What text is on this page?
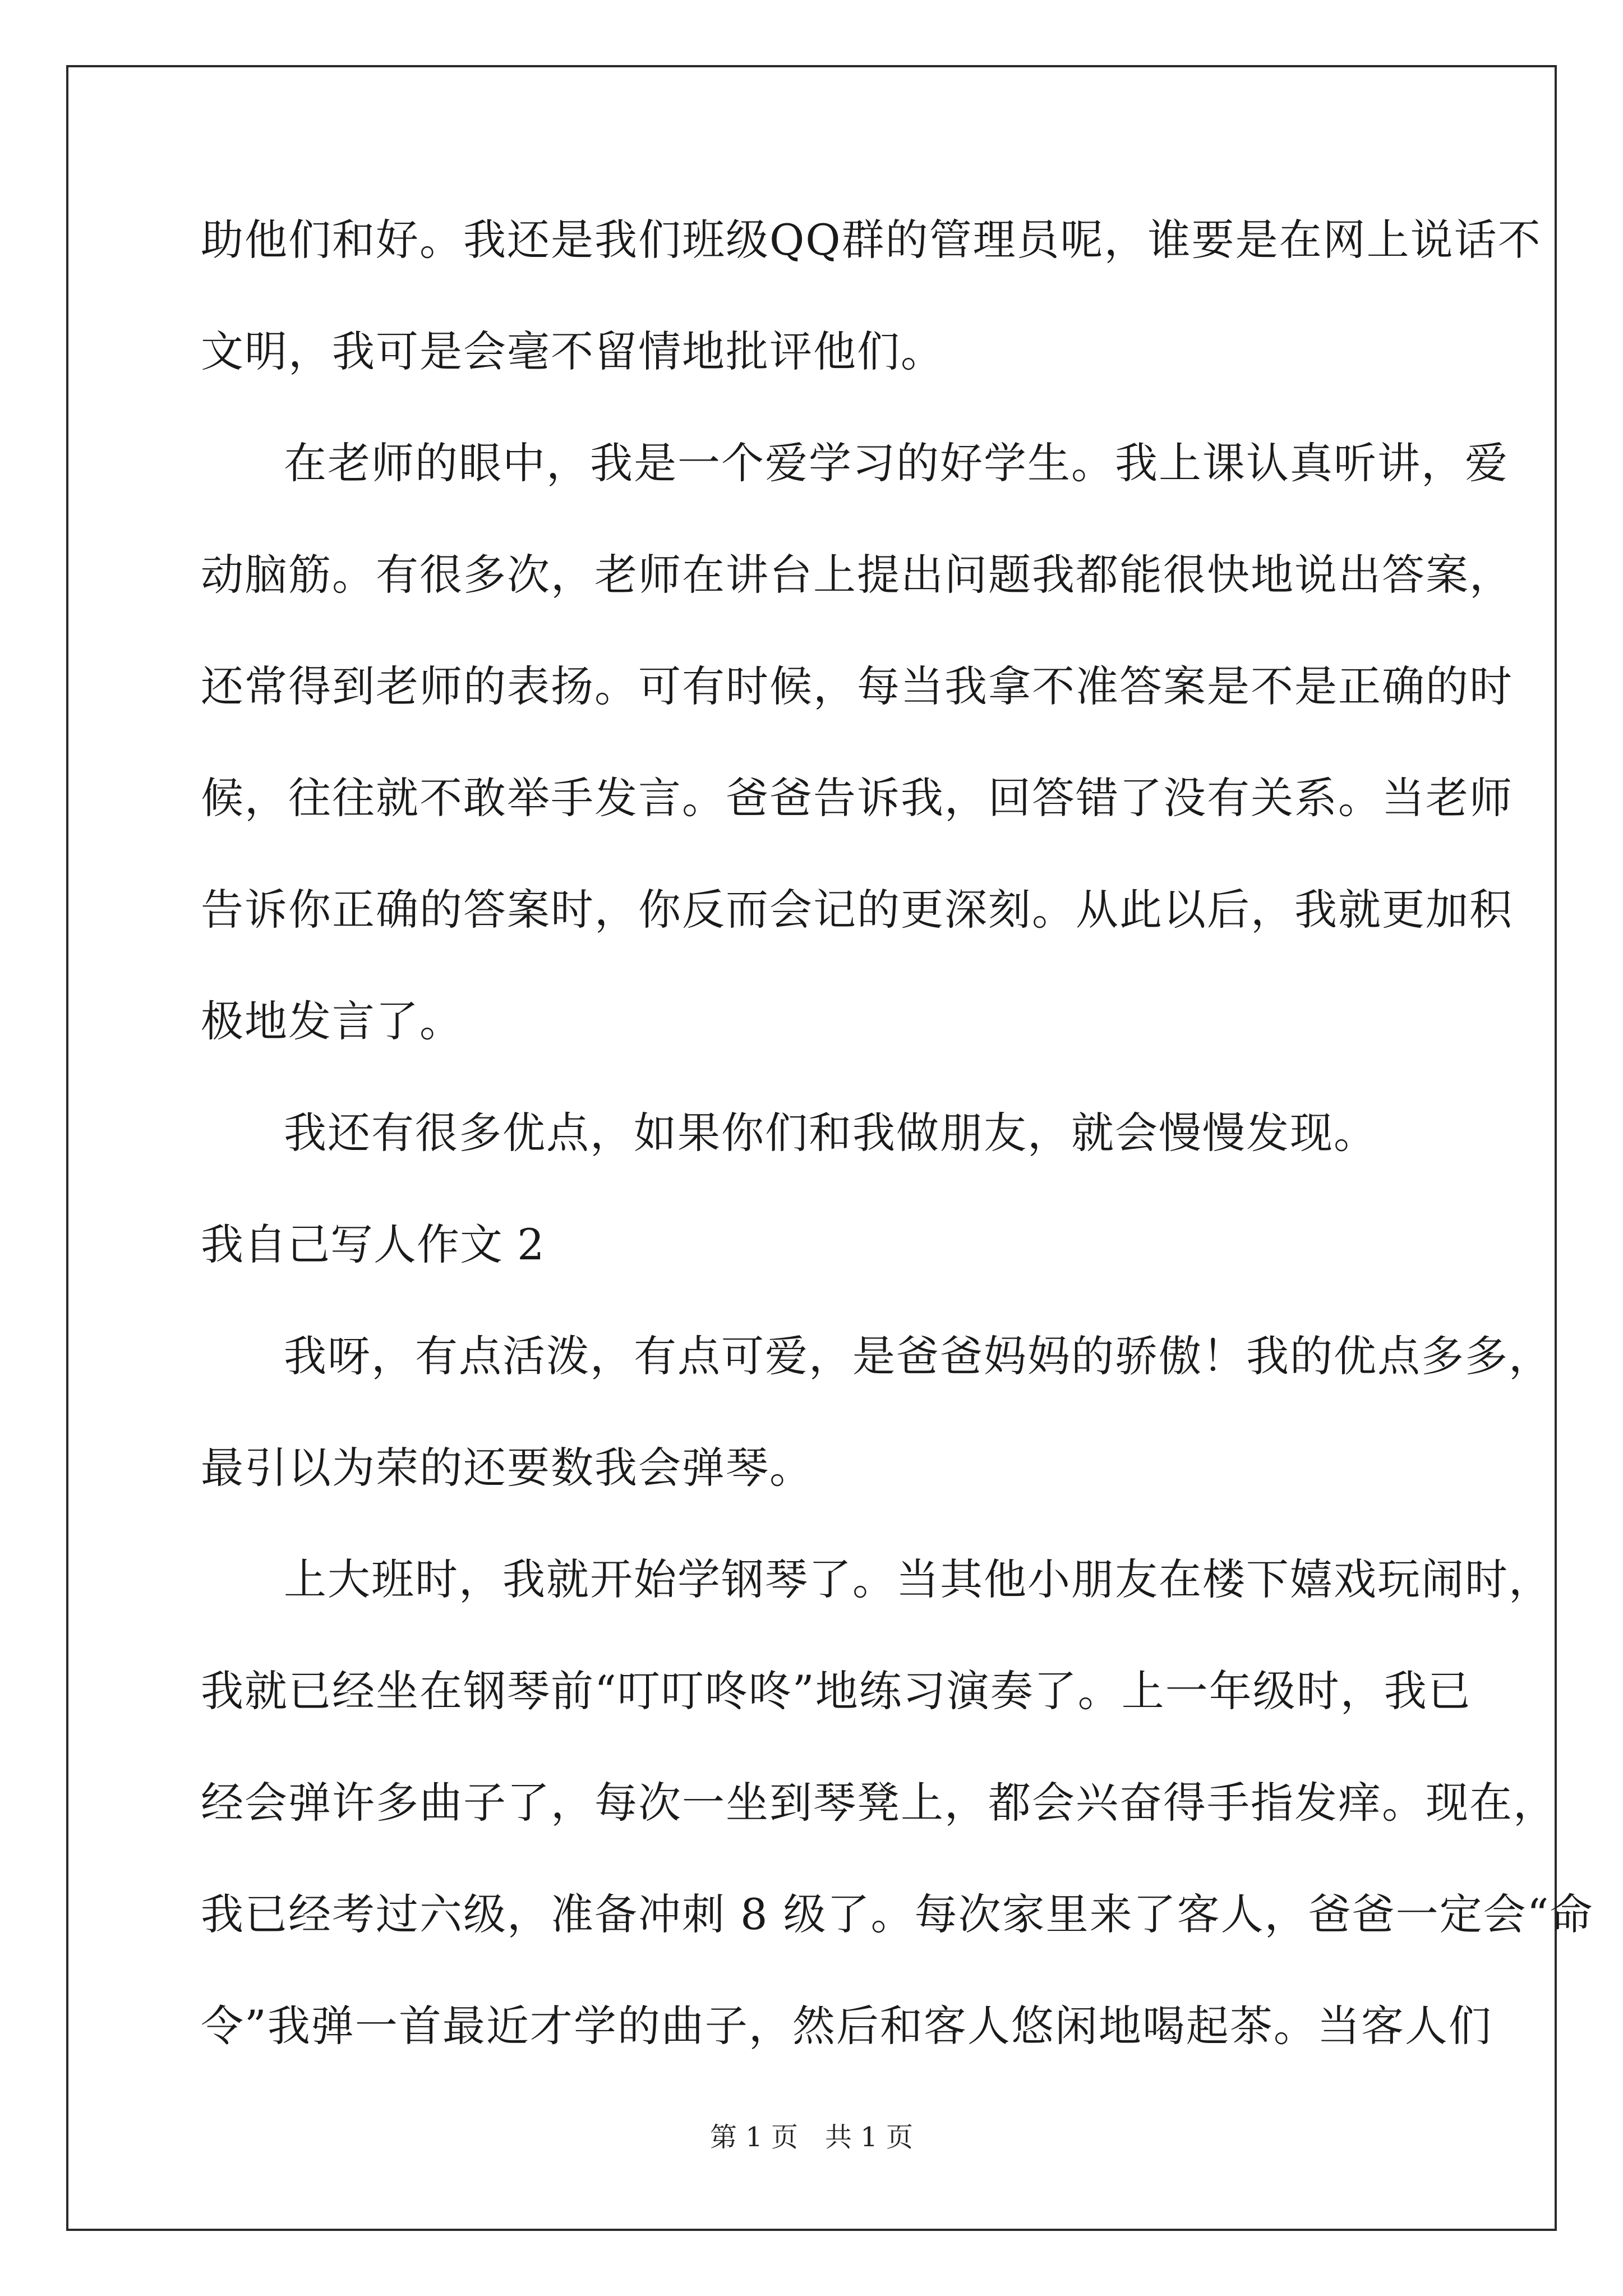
助他们和好。我还是我们班级QQ群的管理员呢，谁要是在网上说话不
文明，我可是会毫不留情地批评他们。
在老师的眼中，我是一个爱学习的好学生。我上课认真听讲，爱
动脑筋。有很多次，老师在讲台上提出问题我都能很快地说出答案，
还常得到老师的表扬。可有时候，每当我拿不准答案是不是正确的时
候，往往就不敢举手发言。爸爸告诉我，回答错了没有关系。当老师
告诉你正确的答案时，你反而会记的更深刻。从此以后，我就更加积
极地发言了。
我还有很多优点，如果你们和我做朋友，就会慢慢发现。
我自己写人作文 2
我呀，有点活泼，有点可爱，是爸爸妈妈的骄傲！我的优点多多，
最引以为荣的还要数我会弹琴。
上大班时，我就开始学钢琴了。当其他小朋友在楼下嬉戏玩闹时，
我就已经坐在钢琴前“叮叮咚咚”地练习演奏了。上一年级时，我已
经会弹许多曲子了，每次一坐到琴凳上，都会兴奋得手指发痒。现在，
我已经考过六级，准备冲刺 8 级了。每次家里来了客人，爸爸一定会“命
令”我弹一首最近才学的曲子，然后和客人悠闲地喝起茶。当客人们
第 1 页　共 1 页
